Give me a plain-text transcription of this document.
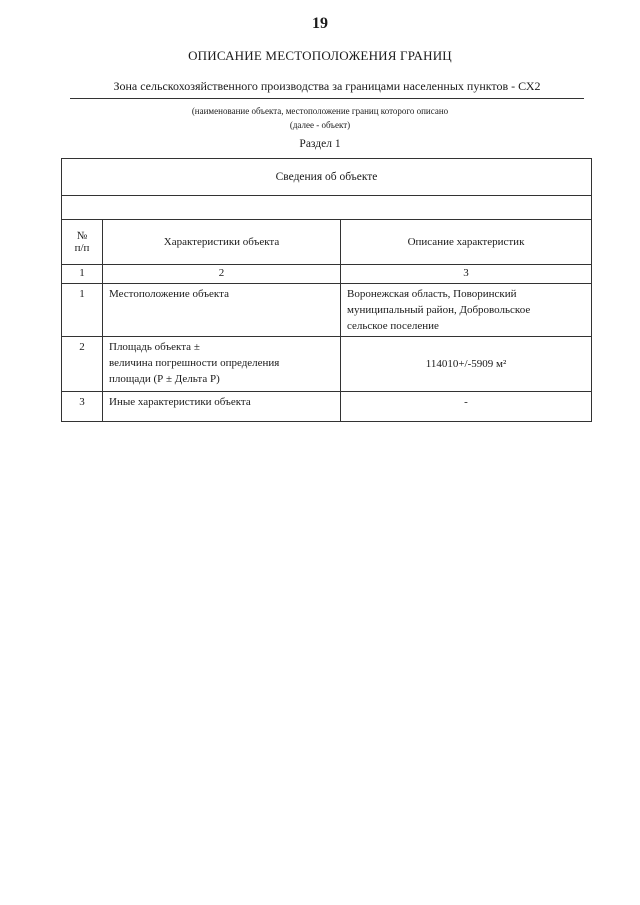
19
ОПИСАНИЕ МЕСТОПОЛОЖЕНИЯ ГРАНИЦ
Зона сельскохозяйственного производства за границами населенных пунктов - СХ2
(наименование объекта, местоположение границ которого описано
(далее - объект)
Раздел 1
Сведения об объекте		

№
п/п	Характеристики объекта	Описание характеристик
1	2	3
1	Местоположение объекта	Воронежская область, Поворинский
муниципальный район, Добровольское
сельское поселение

2	Площадь объекта ±
величина погрешности определения
площади (Р ± Дельта Р)	114010+/-5909 м²
3	Иные характеристики объекта	-
